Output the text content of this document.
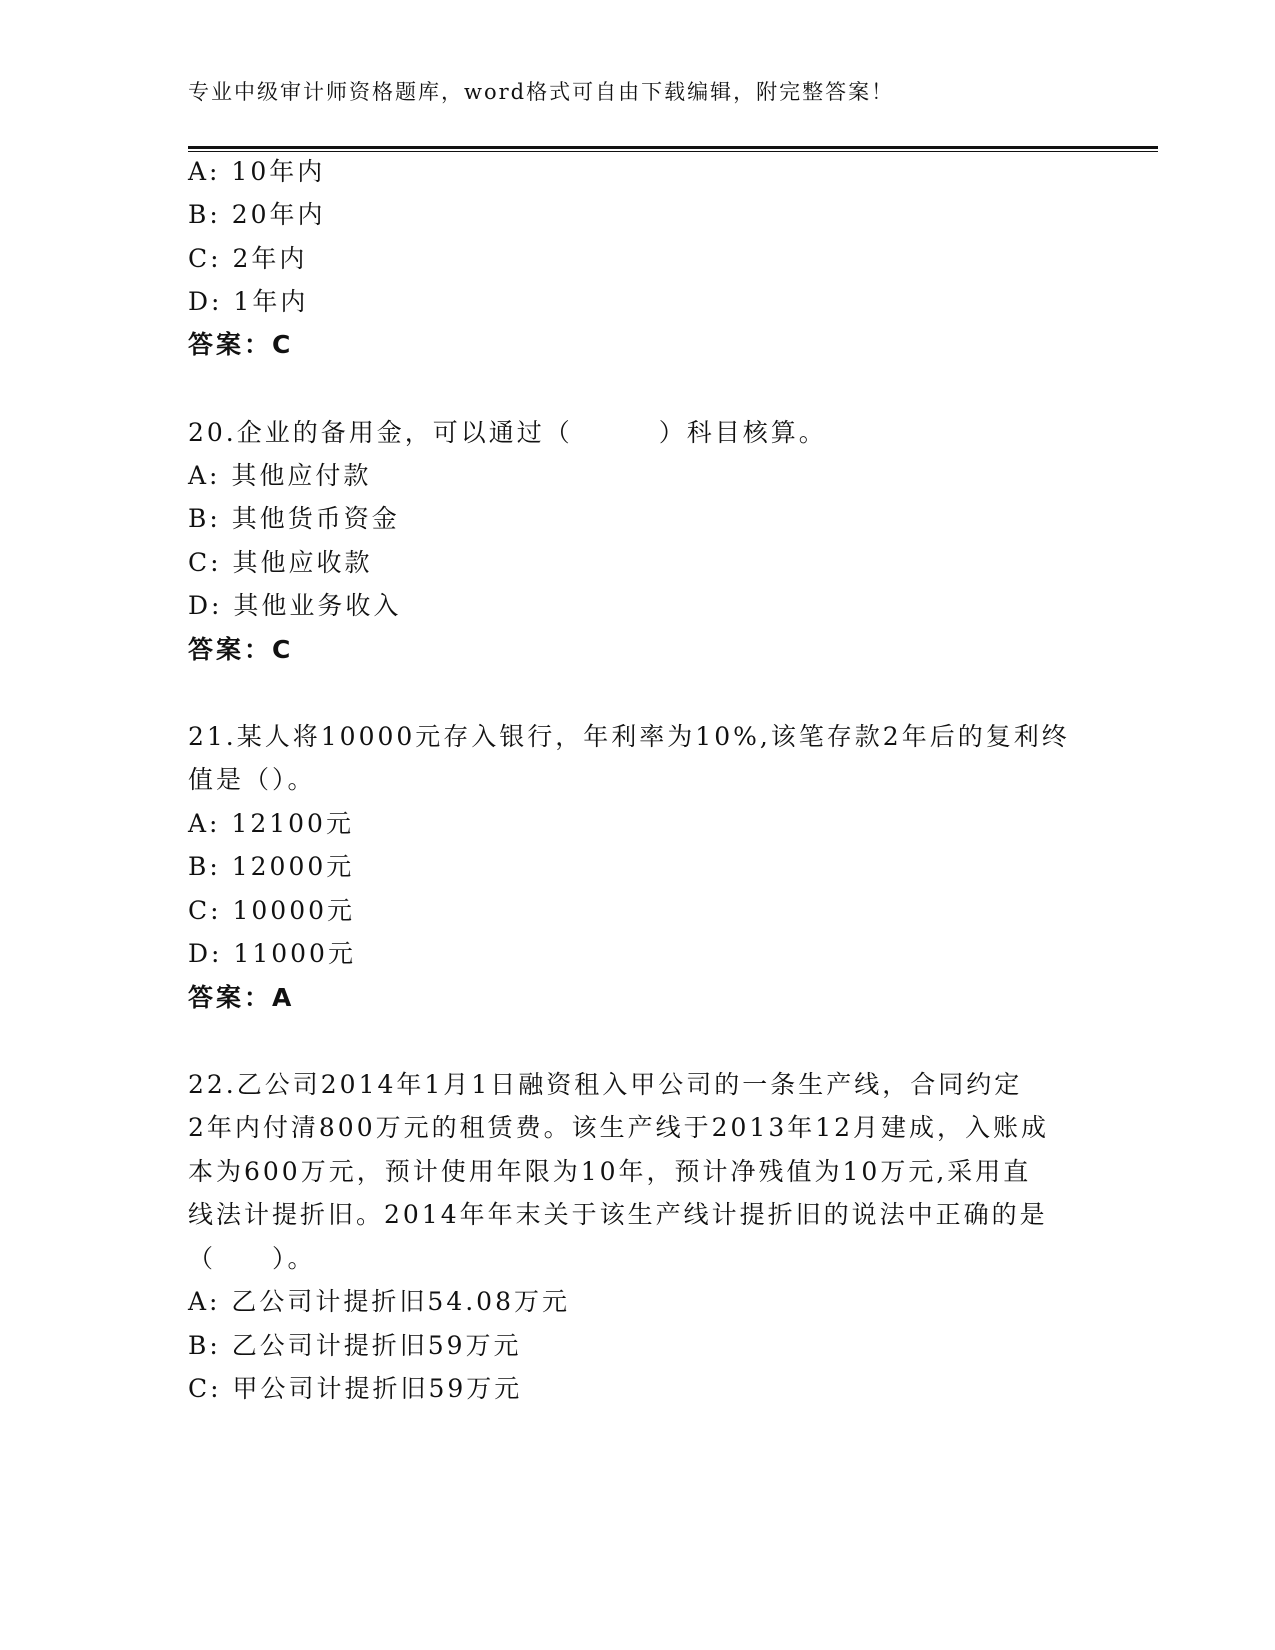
专业中级审计师资格题库，word格式可自由下载编辑，附完整答案！
A: 10年内
B: 20年内
C: 2年内
D: 1年内
答案：C
20.企业的备用金，可以通过（	）科目核算。
A: 其他应付款
B: 其他货币资金
C: 其他应收款
D: 其他业务收入
答案：C
21.某人将10000元存入银行，年利率为10%,该笔存款2年后的复利终
值是（）。
A: 12100元
B: 12000元
C: 10000元
D: 11000元
答案：A
22.乙公司2014年1月1日融资租入甲公司的一条生产线，合同约定
2年内付清800万元的租赁费。该生产线于2013年12月建成，入账成
本为600万元，预计使用年限为10年，预计净残值为10万元,采用直
线法计提折旧。2014年年末关于该生产线计提折旧的说法中正确的是
（　　）。
A: 乙公司计提折旧54.08万元
B: 乙公司计提折旧59万元
C: 甲公司计提折旧59万元
